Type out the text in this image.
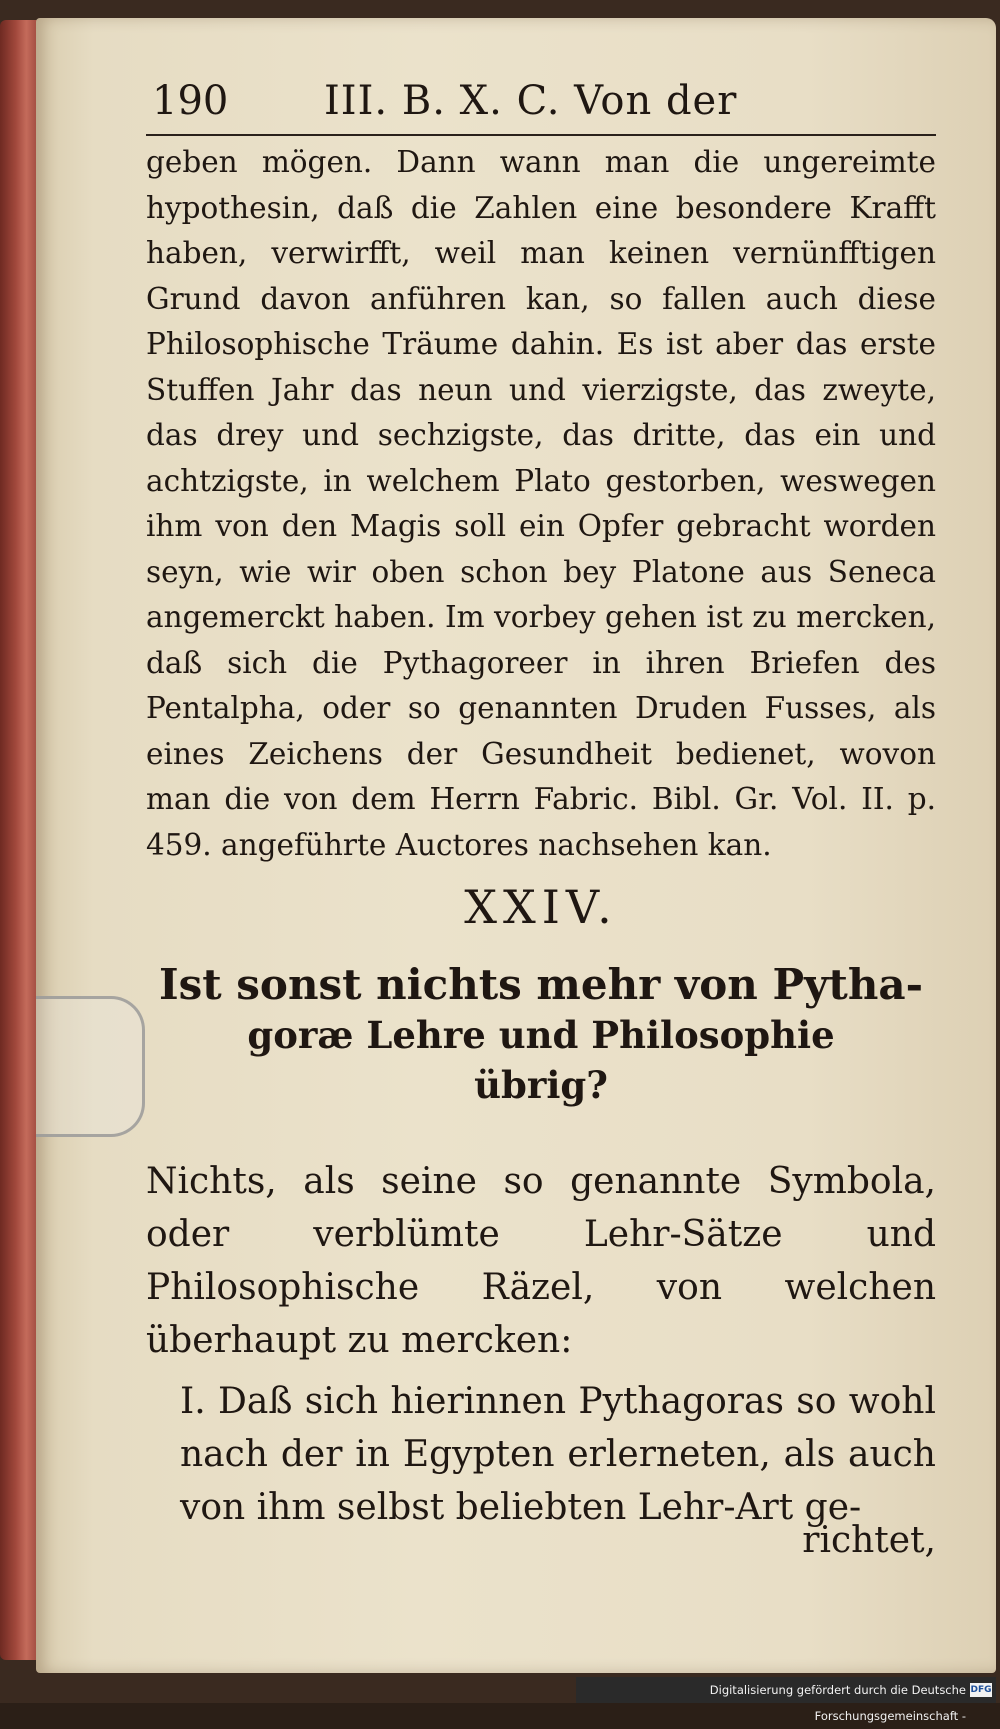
190 III. B. X. C. Von der
geben mögen. Dann wann man die ungereimte hypothesin, daß die Zahlen eine besondere Krafft haben, verwirfft, weil man keinen vernünfftigen Grund davon anführen kan, so fallen auch diese Philosophische Träume dahin. Es ist aber das erste Stuffen Jahr das neun und vierzigste, das zweyte, das drey und sechzigste, das dritte, das ein und achtzigste, in welchem Plato gestorben, weswegen ihm von den Magis soll ein Opfer gebracht worden seyn, wie wir oben schon bey Platone aus Seneca angemerckt haben. Im vorbey gehen ist zu mercken, daß sich die Pythagoreer in ihren Briefen des Pentalpha, oder so genannten Druden Fusses, als eines Zeichens der Gesundheit bedienet, wovon man die von dem Herrn Fabric. Bibl. Gr. Vol. II. p. 459. angeführte Auctores nachsehen kan.
XXIV.
Ist sonst nichts mehr von Pytha-
goræ Lehre und Philosophie
übrig?
Nichts, als seine so genannte Symbola, oder verblümte Lehr-Sätze und Philosophische Räzel, von welchen überhaupt zu mercken:
I. Daß sich hierinnen Pythagoras so wohl nach der in Egypten erlerneten, als auch von ihm selbst beliebten Lehr-Art ge-
richtet,
Digitalisierung gefördert durch die Deutsche Forschungsgemeinschaft -
DFG
